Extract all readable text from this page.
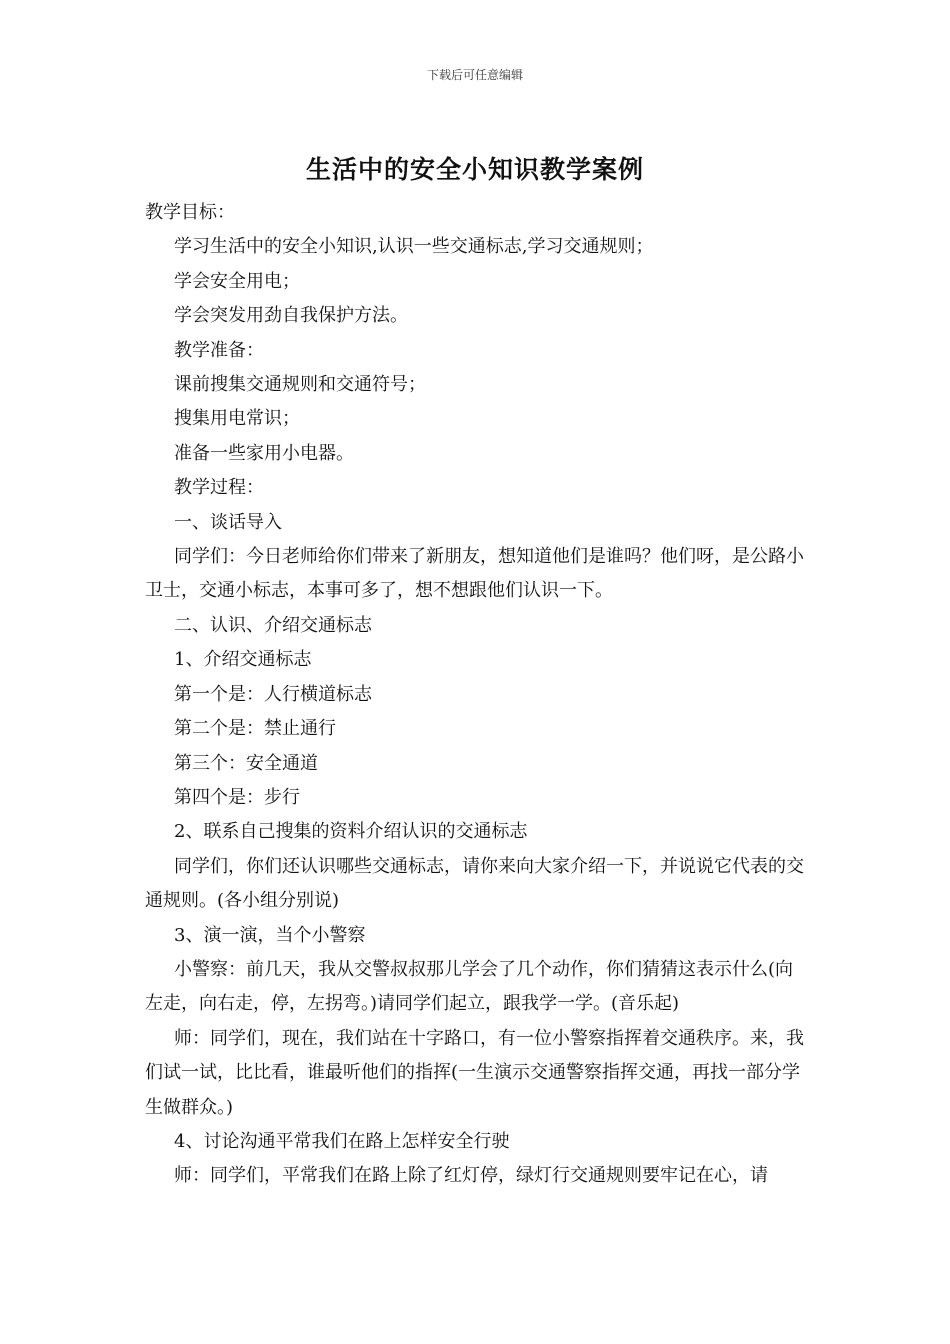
下载后可任意编辑
生活中的安全小知识教学案例

教学目标：

学习生活中的安全小知识,认识一些交通标志,学习交通规则；

学会安全用电；

学会突发用劲自我保护方法。

教学准备：

课前搜集交通规则和交通符号；

搜集用电常识；

准备一些家用小电器。

教学过程：

一、谈话导入

同学们：今日老师给你们带来了新朋友，想知道他们是谁吗？他们呀，是公路小卫士，交通小标志，本事可多了，想不想跟他们认识一下。

二、认识、介绍交通标志

1、介绍交通标志

第一个是：人行横道标志

第二个是：禁止通行

第三个：安全通道

第四个是：步行

2、联系自己搜集的资料介绍认识的交通标志

同学们，你们还认识哪些交通标志，请你来向大家介绍一下，并说说它代表的交通规则。(各小组分别说)

3、演一演，当个小警察

小警察：前几天，我从交警叔叔那儿学会了几个动作，你们猜猜这表示什么(向左走，向右走，停，左拐弯。)请同学们起立，跟我学一学。(音乐起)

师：同学们，现在，我们站在十字路口，有一位小警察指挥着交通秩序。来，我们试一试，比比看，谁最听他们的指挥(一生演示交通警察指挥交通，再找一部分学生做群众。)

4、讨论沟通平常我们在路上怎样安全行驶

师：同学们，平常我们在路上除了红灯停，绿灯行交通规则要牢记在心，请
